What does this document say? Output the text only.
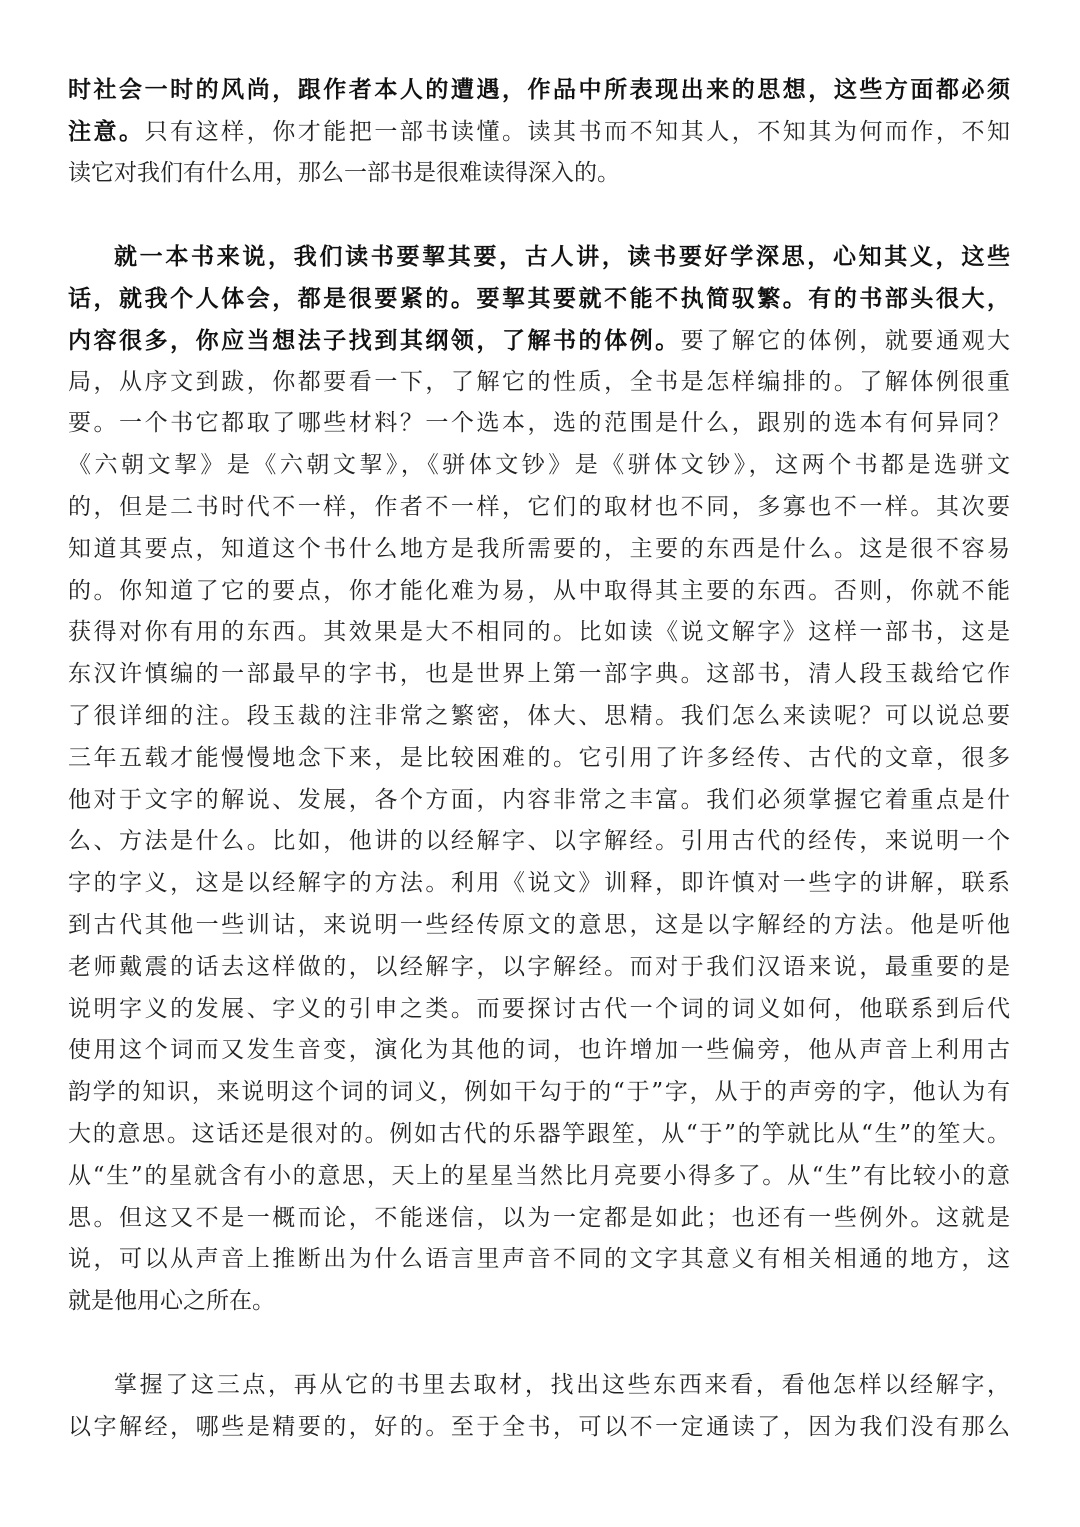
时社会一时的风尚，跟作者本人的遭遇，作品中所表现出来的思想，这些方面都必须
注意。只有这样，你才能把一部书读懂。读其书而不知其人，不知其为何而作，不知
读它对我们有什么用，那么一部书是很难读得深入的。
就一本书来说，我们读书要挈其要，古人讲，读书要好学深思，心知其义，这些
话，就我个人体会，都是很要紧的。要挈其要就不能不执简驭繁。有的书部头很大，
内容很多，你应当想法子找到其纲领，了解书的体例。要了解它的体例，就要通观大
局，从序文到跋，你都要看一下，了解它的性质，全书是怎样编排的。了解体例很重
要。一个书它都取了哪些材料？一个选本，选的范围是什么，跟别的选本有何异同？
《六朝文挈》是《六朝文挈》，《骈体文钞》是《骈体文钞》，这两个书都是选骈文
的，但是二书时代不一样，作者不一样，它们的取材也不同，多寡也不一样。其次要
知道其要点，知道这个书什么地方是我所需要的，主要的东西是什么。这是很不容易
的。你知道了它的要点，你才能化难为易，从中取得其主要的东西。否则，你就不能
获得对你有用的东西。其效果是大不相同的。比如读《说文解字》这样一部书，这是
东汉许慎编的一部最早的字书，也是世界上第一部字典。这部书，清人段玉裁给它作
了很详细的注。段玉裁的注非常之繁密，体大、思精。我们怎么来读呢？可以说总要
三年五载才能慢慢地念下来，是比较困难的。它引用了许多经传、古代的文章，很多
他对于文字的解说、发展，各个方面，内容非常之丰富。我们必须掌握它着重点是什
么、方法是什么。比如，他讲的以经解字、以字解经。引用古代的经传，来说明一个
字的字义，这是以经解字的方法。利用《说文》训释，即许慎对一些字的讲解，联系
到古代其他一些训诂，来说明一些经传原文的意思，这是以字解经的方法。他是听他
老师戴震的话去这样做的，以经解字，以字解经。而对于我们汉语来说，最重要的是
说明字义的发展、字义的引申之类。而要探讨古代一个词的词义如何，他联系到后代
使用这个词而又发生音变，演化为其他的词，也许增加一些偏旁，他从声音上利用古
韵学的知识，来说明这个词的词义，例如干勾于的“于”字，从于的声旁的字，他认为有
大的意思。这话还是很对的。例如古代的乐器竽跟笙，从“于”的竽就比从“生”的笙大。
从“生”的星就含有小的意思，天上的星星当然比月亮要小得多了。从“生”有比较小的意
思。但这又不是一概而论，不能迷信，以为一定都是如此；也还有一些例外。这就是
说，可以从声音上推断出为什么语言里声音不同的文字其意义有相关相通的地方，这
就是他用心之所在。
掌握了这三点，再从它的书里去取材，找出这些东西来看，看他怎样以经解字，
以字解经，哪些是精要的，好的。至于全书，可以不一定通读了，因为我们没有那么
